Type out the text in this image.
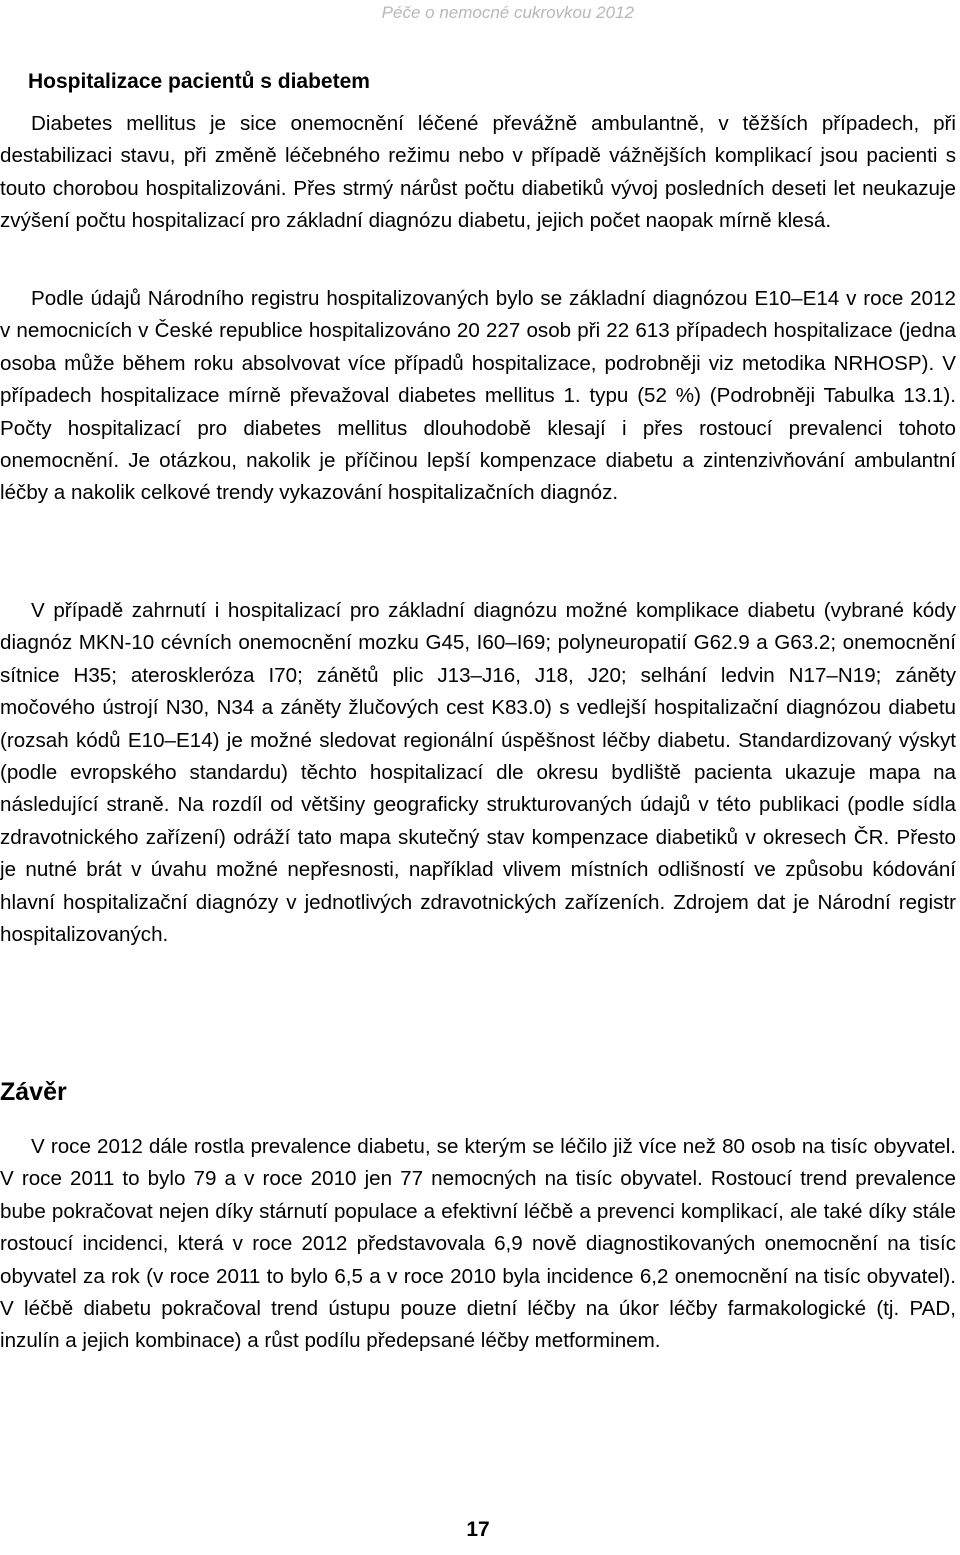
Péče o nemocné cukrovkou 2012
Hospitalizace pacientů s diabetem

Diabetes mellitus je sice onemocnění léčené převážně ambulantně, v těžších případech, při destabilizaci stavu, při změně léčebného režimu nebo v případě vážnějších komplikací jsou pacienti s touto chorobou hospitalizováni. Přes strmý nárůst počtu diabetiků vývoj posledních deseti let neukazuje zvýšení počtu hospitalizací pro základní diagnózu diabetu, jejich počet naopak mírně klesá.

Podle údajů Národního registru hospitalizovaných bylo se základní diagnózou E10–E14 v roce 2012 v nemocnicích v České republice hospitalizováno 20 227 osob při 22 613 případech hospitalizace (jedna osoba může během roku absolvovat více případů hospitalizace, podrobněji viz metodika NRHOSP). V případech hospitalizace mírně převažoval diabetes mellitus 1. typu (52 %) (Podrobněji Tabulka 13.1). Počty hospitalizací pro diabetes mellitus dlouhodobě klesají i přes rostoucí prevalenci tohoto onemocnění. Je otázkou, nakolik je příčinou lepší kompenzace diabetu a zintenzivňování ambulantní léčby a nakolik celkové trendy vykazování hospitalizačních diagnóz.

V případě zahrnutí i hospitalizací pro základní diagnózu možné komplikace diabetu (vybrané kódy diagnóz MKN-10 cévních onemocnění mozku G45, I60–I69; polyneuropatií G62.9 a G63.2; onemocnění sítnice H35; ateroskleróza I70; zánětů plic J13–J16, J18, J20; selhání ledvin N17–N19; záněty močového ústrojí N30, N34 a záněty žlučových cest K83.0) s vedlejší hospitalizační diagnózou diabetu (rozsah kódů E10–E14) je možné sledovat regionální úspěšnost léčby diabetu. Standardizovaný výskyt (podle evropského standardu) těchto hospitalizací dle okresu bydliště pacienta ukazuje mapa na následující straně. Na rozdíl od většiny geograficky strukturovaných údajů v této publikaci (podle sídla zdravotnického zařízení) odráží tato mapa skutečný stav kompenzace diabetiků v okresech ČR. Přesto je nutné brát v úvahu možné nepřesnosti, například vlivem místních odlišností ve způsobu kódování hlavní hospitalizační diagnózy v jednotlivých zdravotnických zařízeních. Zdrojem dat je Národní registr hospitalizovaných.

Závěr

V roce 2012 dále rostla prevalence diabetu, se kterým se léčilo již více než 80 osob na tisíc obyvatel. V roce 2011 to bylo 79 a v roce 2010 jen 77 nemocných na tisíc obyvatel. Rostoucí trend prevalence bube pokračovat nejen díky stárnutí populace a efektivní léčbě a prevenci komplikací, ale také díky stále rostoucí incidenci, která v roce 2012 představovala 6,9 nově diagnostikovaných onemocnění na tisíc obyvatel za rok (v roce 2011 to bylo 6,5 a v roce 2010 byla incidence 6,2 onemocnění na tisíc obyvatel). V léčbě diabetu pokračoval trend ústupu pouze dietní léčby na úkor léčby farmakologické (tj. PAD, inzulín a jejich kombinace) a růst podílu předepsané léčby metforminem.

17
